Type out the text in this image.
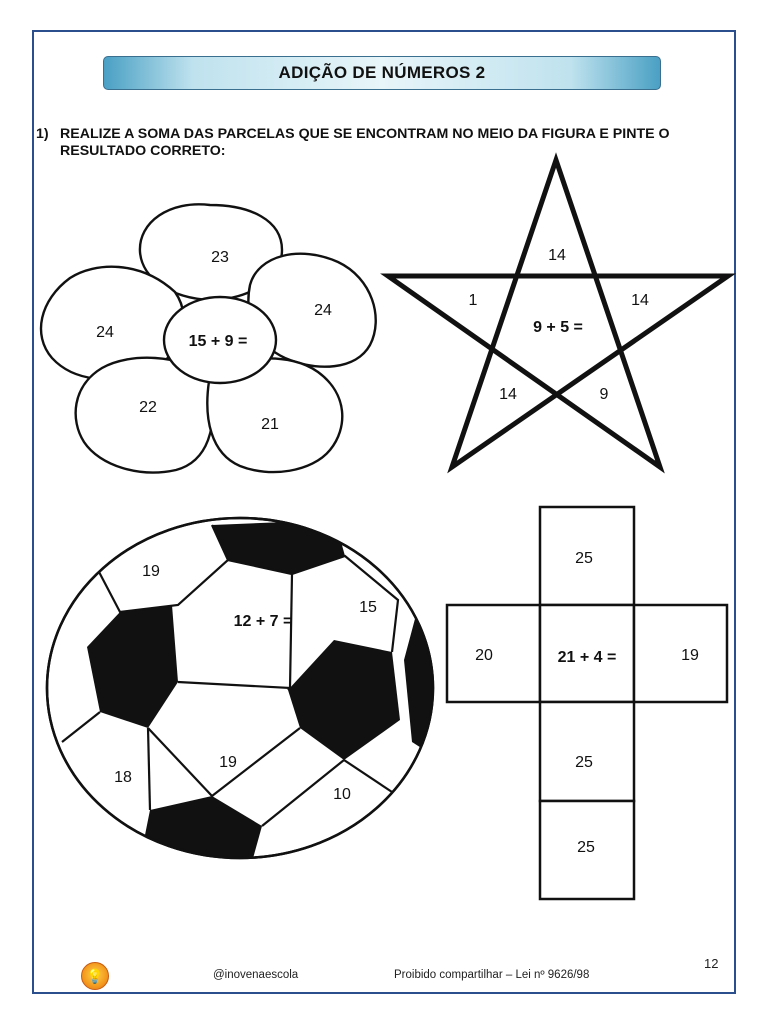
ADIÇÃO DE NÚMEROS 2
1) REALIZE A SOMA DAS PARCELAS QUE SE ENCONTRAM NO MEIO DA FIGURA E PINTE O RESULTADO CORRETO:
23
24
21
22
24
15 + 9 =
14
14
9
14
1
9 + 5 =
19
15
10
19
18
12 + 7 =
25
20	19
25
25
21 + 4 =
💡	@inovenaescola	Proibido compartilhar – Lei nº 9626/98
12
